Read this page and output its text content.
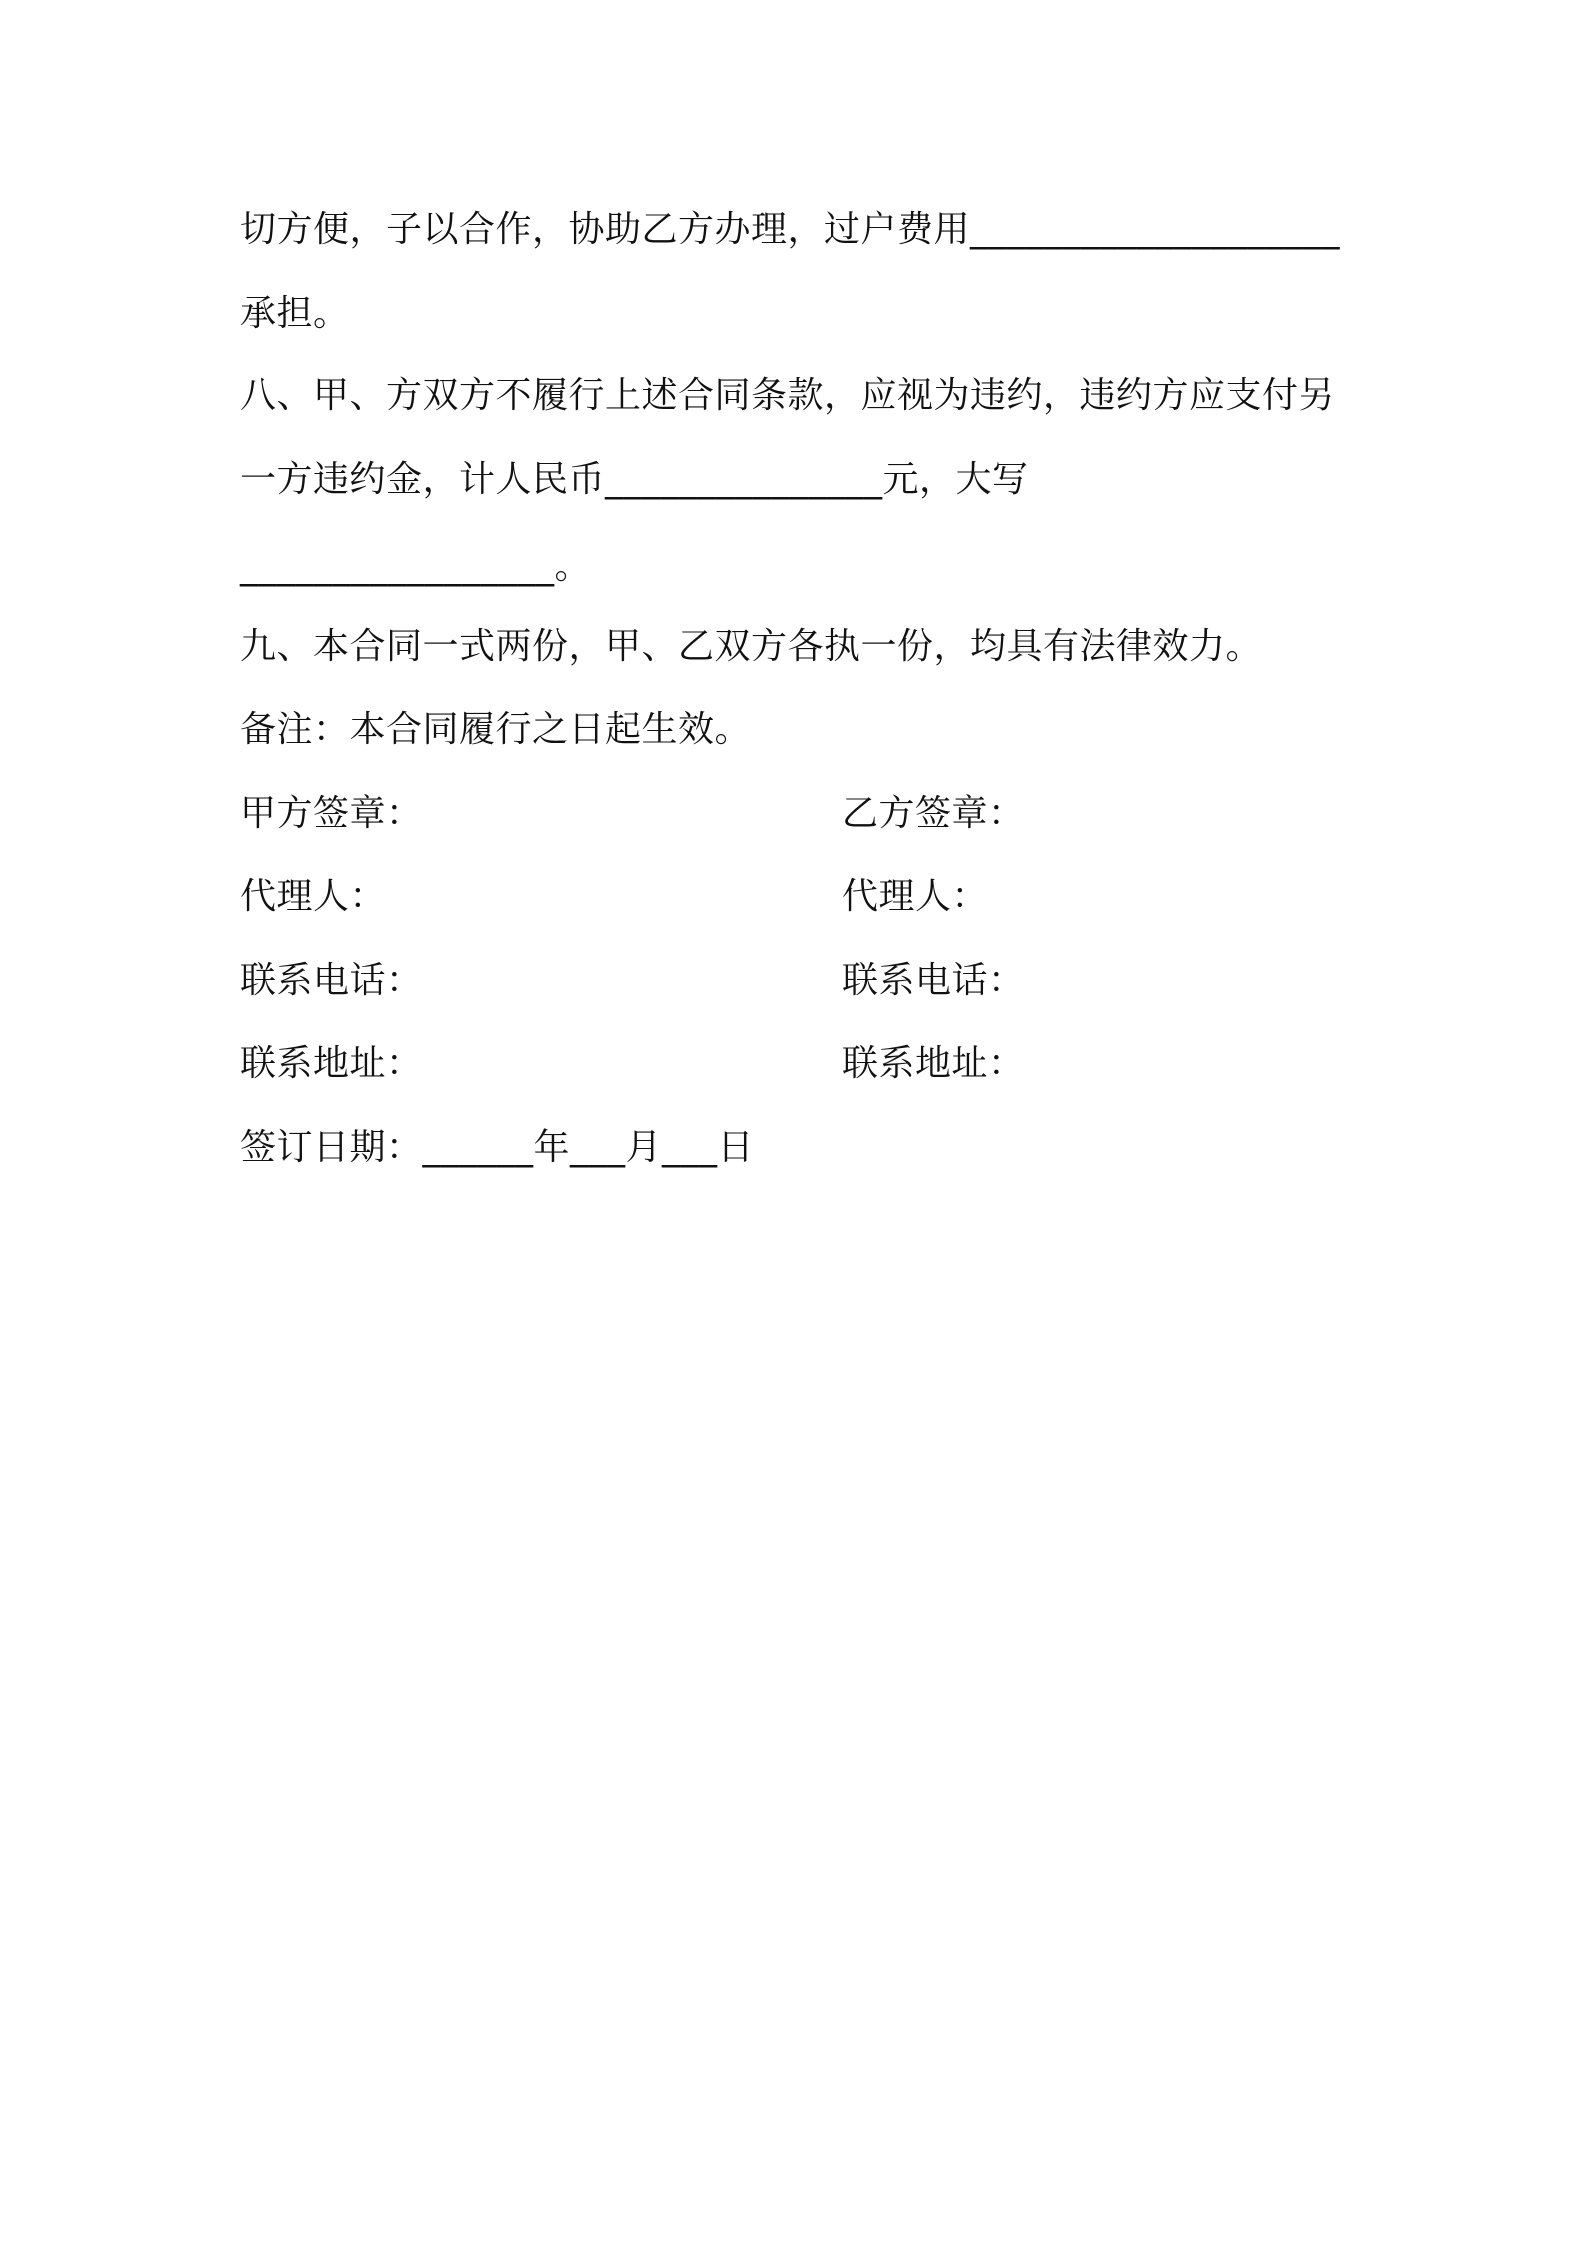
切方便，子以合作，协助乙方办理，过户费用____________________
承担。
八、甲、方双方不履行上述合同条款，应视为违约，违约方应支付另
一方违约金，计人民币_______________元，大写
_________________。
九、本合同一式两份，甲、乙双方各执一份，均具有法律效力。
备注：本合同履行之日起生效。
甲方签章：	乙方签章：
代理人：	代理人：
联系电话：	联系电话：
联系地址：	联系地址：
签订日期：______年___月___日
